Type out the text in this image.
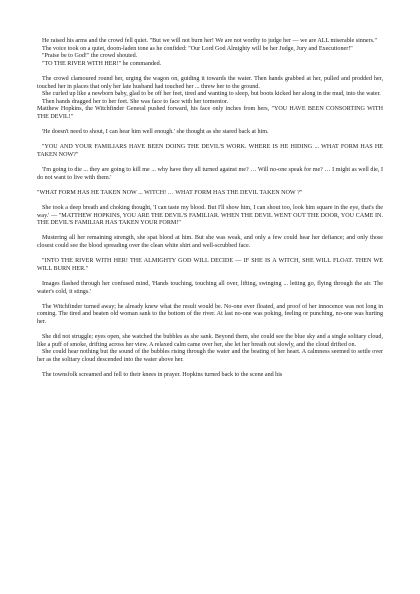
He raised his arms and the crowd fell quiet. "But we will not burn her! We are not worthy to judge her — we are ALL miserable sinners."

The voice took on a quiet, doom-laden tone as he confided: "Our Lord God Almighty will be her Judge, Jury and Executioner!"

"Praise be to God!" the crowd shouted.

"TO THE RIVER WITH HER!" he commanded.

The crowd clamoured round her, urging the wagon on, guiding it towards the water. Then hands grabbed at her, pulled and prodded her, touched her in places that only her late husband had touched her ... threw her to the ground.

She curled up like a newborn baby, glad to be off her feet, tired and wanting to sleep, but boots kicked her along in the mud, into the water.

Then hands dragged her to her feet. She was face to face with her tormentor.

Matthew Hopkins, the Witchfinder General pushed forward, his face only inches from hers, "YOU HAVE BEEN CONSORTING WITH THE DEVIL!"

'He doesn't need to shout, I can hear him well enough.' she thought as she stared back at him.

"YOU AND YOUR FAMILIARS HAVE BEEN DOING THE DEVIL'S WORK. WHERE IS HE HIDING ... WHAT FORM HAS HE TAKEN NOW?"

'I'm going to die ... they are going to kill me ... why have they all turned against me? … Will no-one speak for me? … I might as well die, I do not want to live with them.'

"WHAT FORM HAS HE TAKEN NOW ... WITCH! … WHAT FORM HAS THE DEVIL TAKEN NOW ?"

She took a deep breath and choking thought, 'I can taste my blood. But I'll show him, I can shout too, look him square in the eye, that's the way.' — "MATTHEW HOPKINS, YOU ARE THE DEVIL'S FAMILIAR. WHEN THE DEVIL WENT OUT THE DOOR, YOU CAME IN. THE DEVIL'S FAMILIAR HAS TAKEN YOUR FORM!"

Mustering all her remaining strength, she spat blood at him. But she was weak, and only a few could hear her defiance; and only those closest could see the blood spreading over the clean white shirt and well-scrubbed face.

"INTO THE RIVER WITH HER! THE ALMIGHTY GOD WILL DECIDE — IF SHE IS A WITCH, SHE WILL FLOAT. THEN WE WILL BURN HER."

Images flashed through her confused mind, 'Hands touching, touching all over, lifting, swinging ... letting go, flying through the air. The water's cold, it stings.'

The Witchfinder turned away; he already knew what the result would be. No-one ever floated, and proof of her innocence was not long in coming. The tired and beaten old woman sank to the bottom of the river. At last no-one was poking, feeling or punching, no-one was hurting her.

She did not struggle; eyes open, she watched the bubbles as she sank. Beyond them, she could see the blue sky and a single solitary cloud, like a puff of smoke, drifting across her view. A relaxed calm came over her, she let her breath out slowly, and the cloud drifted on.

She could hear nothing but the sound of the bubbles rising through the water and the beating of her heart. A calmness seemed to settle over her as the solitary cloud descended into the water above her.

The townsfolk screamed and fell to their knees in prayer. Hopkins turned back to the scene and his
